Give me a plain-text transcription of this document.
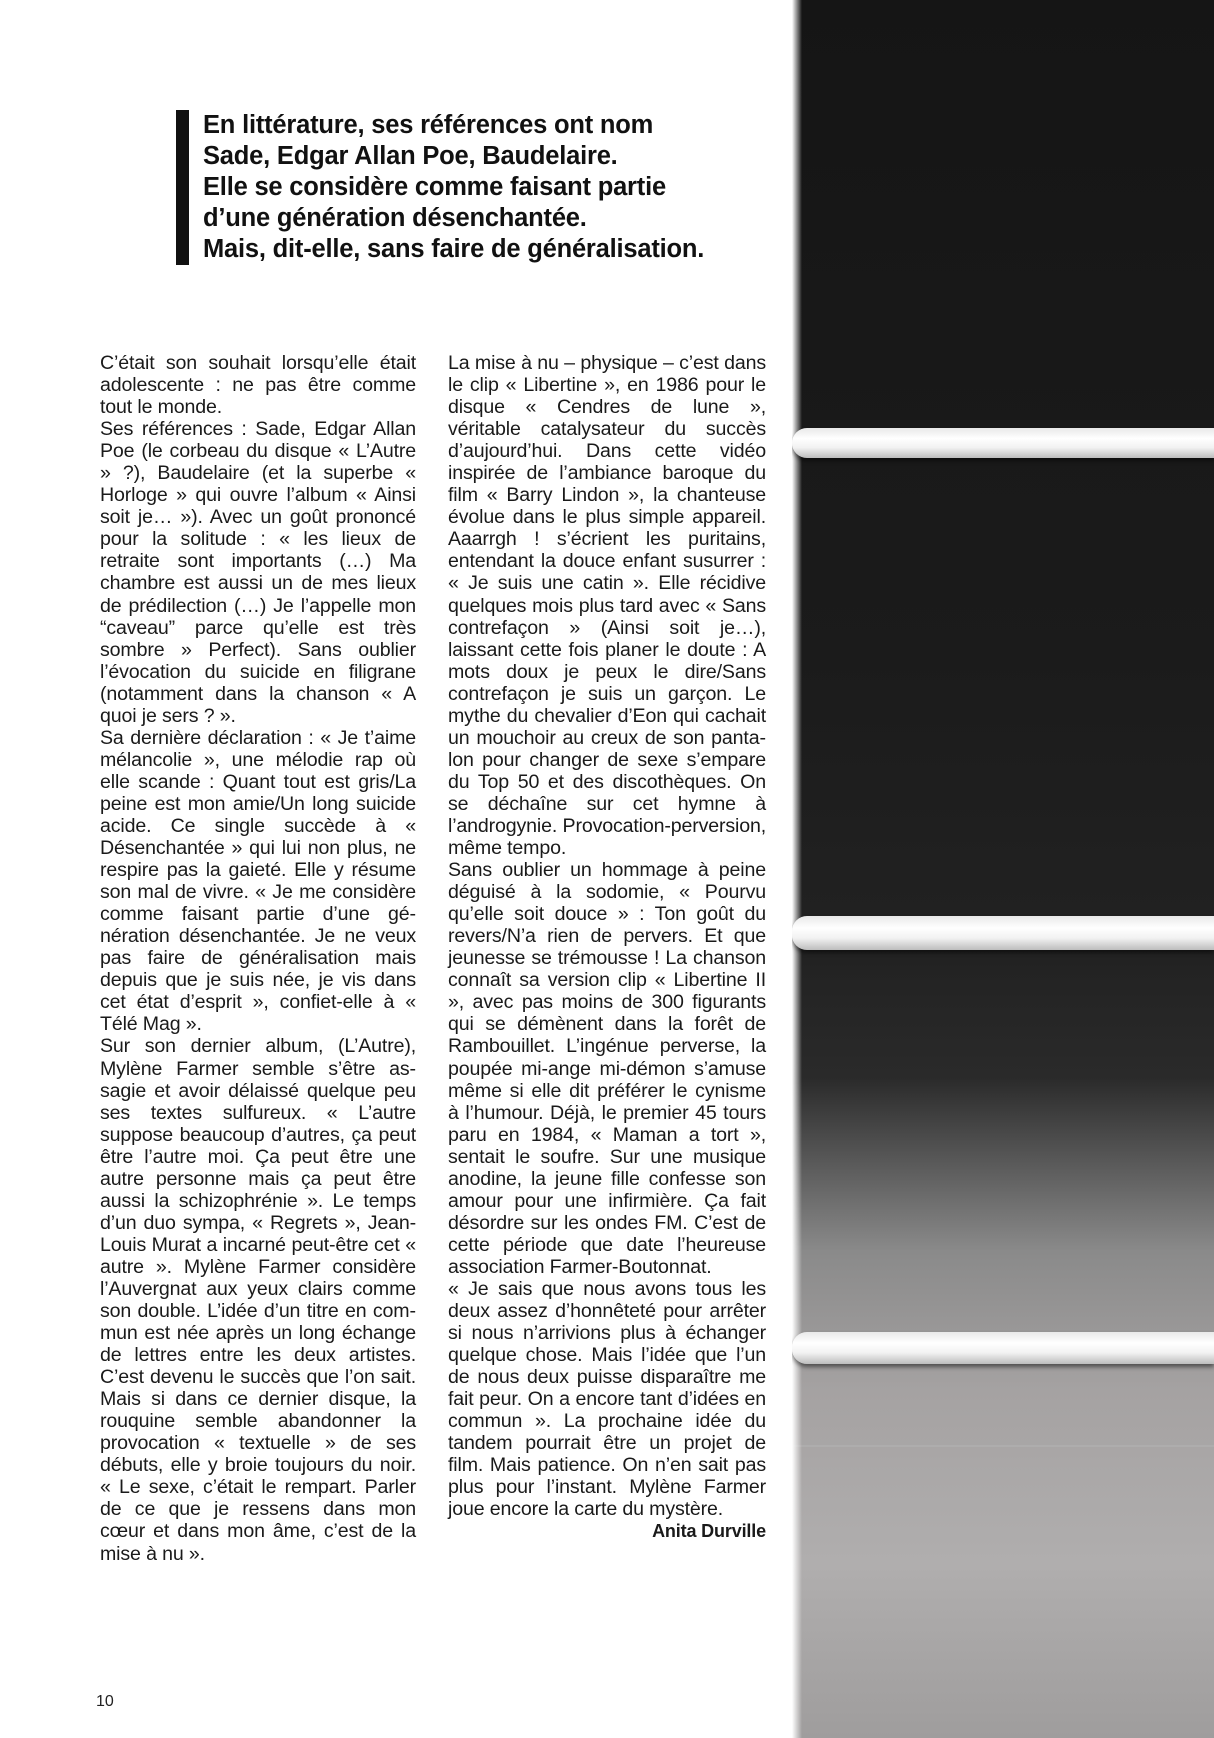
En littérature, ses références ont nom
Sade, Edgar Allan Poe, Baudelaire.
Elle se considère comme faisant partie
d’une génération désenchantée.
Mais, dit-elle, sans faire de généralisation.

C’était son souhait lorsqu’elle était adolescente : ne pas être comme tout le monde.

Ses références : Sade, Edgar Allan Poe (le corbeau du disque « L’Autre » ?), Baudelaire (et la superbe « Horloge » qui ouvre l’album « Ainsi soit je… »). Avec un goût prononcé pour la solitude : « les lieux de retraite sont importants (…) Ma chambre est aussi un de mes lieux de prédilection (…) Je l’appelle mon “caveau” parce qu’elle est très sombre » Perfect). Sans oublier l’évocation du suicide en filigrane (notamment dans la chanson « A quoi je sers ? ».

Sa dernière déclaration : « Je t’aime mélancolie », une mélodie rap où elle scande : Quant tout est gris/La peine est mon amie/Un long suicide acide. Ce single succède à « Désenchantée » qui lui non plus, ne respire pas la gaieté. Elle y résume son mal de vivre. « Je me considère comme faisant partie d’une génération désenchantée. Je ne veux pas faire de généralisation mais depuis que je suis née, je vis dans cet état d’esprit », confiet-elle à « Télé Mag ».

Sur son dernier album, (L’Autre), Mylène Farmer semble s’être assagie et avoir délaissé quelque peu ses textes sulfureux. « L’autre suppose beaucoup d’autres, ça peut être l’autre moi. Ça peut être une autre personne mais ça peut être aussi la schizophrénie ». Le temps d’un duo sympa, « Regrets », Jean-Louis Murat a incarné peut-être cet « autre ». Mylène Farmer considère l’Auvergnat aux yeux clairs comme son double. L’idée d’un titre en commun est née après un long échange de lettres entre les deux artistes. C’est devenu le succès que l’on sait. Mais si dans ce dernier disque, la rouquine semble abandonner la provocation « textuelle » de ses débuts, elle y broie toujours du noir. « Le sexe, c’était le rempart. Parler de ce que je ressens dans mon cœur et dans mon âme, c’est de la mise à nu ».

La mise à nu – physique – c’est dans le clip « Libertine », en 1986 pour le disque « Cendres de lune », véritable catalysateur du succès d’aujourd’hui. Dans cette vidéo inspirée de l’ambiance baroque du film « Barry Lindon », la chanteuse évolue dans le plus simple appareil. Aaarrgh ! s’écrient les puritains, entendant la douce enfant susurrer : « Je suis une catin ». Elle récidive quelques mois plus tard avec « Sans contrefaçon » (Ainsi soit je…), laissant cette fois planer le doute : A mots doux je peux le dire/Sans contrefaçon je suis un garçon. Le mythe du chevalier d’Eon qui cachait un mouchoir au creux de son pantalon pour changer de sexe s’empare du Top 50 et des discothèques. On se déchaîne sur cet hymne à l’androgynie. Provocation-perversion, même tempo.

Sans oublier un hommage à peine déguisé à la sodomie, « Pourvu qu’elle soit douce » : Ton goût du revers/N’a rien de pervers. Et que jeunesse se trémousse ! La chanson connaît sa version clip « Libertine II », avec pas moins de 300 figurants qui se démènent dans la forêt de Rambouillet. L’ingénue perverse, la poupée mi-ange mi-démon s’amuse même si elle dit préférer le cynisme à l’humour. Déjà, le premier 45 tours paru en 1984, « Maman a tort », sentait le soufre. Sur une musique anodine, la jeune fille confesse son amour pour une infirmière. Ça fait désordre sur les ondes FM. C’est de cette période que date l’heureuse association Farmer-Boutonnat.

« Je sais que nous avons tous les deux assez d’honnêteté pour arrêter si nous n’arrivions plus à échanger quelque chose. Mais l’idée que l’un de nous deux puisse disparaître me fait peur. On a encore tant d’idées en commun ». La prochaine idée du tandem pourrait être un projet de film. Mais patience. On n’en sait pas plus pour l’instant. Mylène Farmer joue encore la carte du mystère.

Anita Durville
10
